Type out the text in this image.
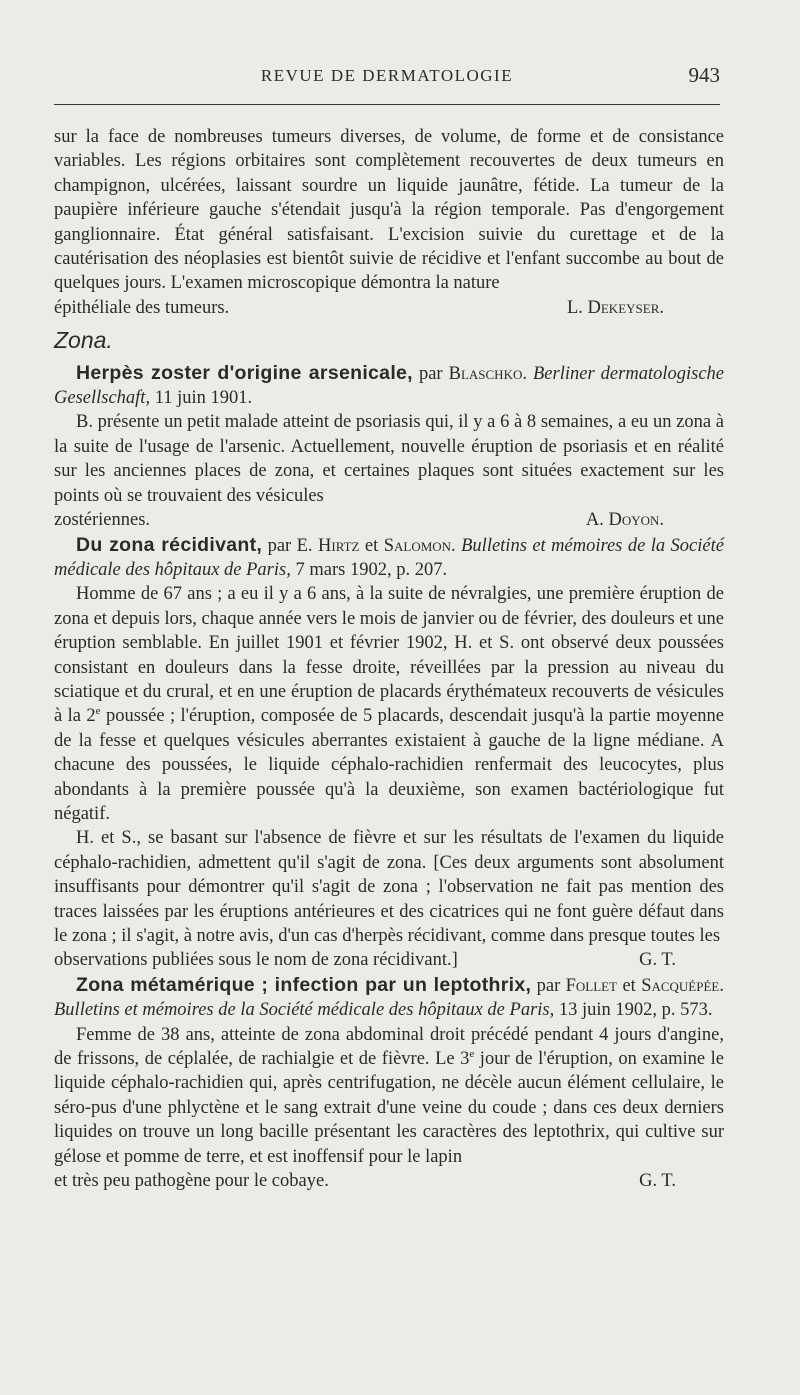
REVUE DE DERMATOLOGIE	943

sur la face de nombreuses tumeurs diverses, de volume, de forme et de consistance variables. Les régions orbitaires sont complètement recouvertes de deux tumeurs en champignon, ulcérées, laissant sourdre un liquide jaunâtre, fétide. La tumeur de la paupière inférieure gauche s'étendait jusqu'à la région temporale. Pas d'engorgement ganglionnaire. État général satisfaisant. L'excision suivie du curettage et de la cautérisation des néoplasies est bientôt suivie de récidive et l'enfant succombe au bout de quelques jours. L'examen microscopique démontra la nature

épithéliale des tumeurs.	L. Dekeyser.
Zona.

Herpès zoster d'origine arsenicale, par Blaschko. Berliner dermatologische Gesellschaft, 11 juin 1901.

B. présente un petit malade atteint de psoriasis qui, il y a 6 à 8 semaines, a eu un zona à la suite de l'usage de l'arsenic. Actuellement, nouvelle éruption de psoriasis et en réalité sur les anciennes places de zona, et certaines plaques sont situées exactement sur les points où se trouvaient des vésicules

zostériennes.	A. Doyon.

Du zona récidivant, par E. Hirtz et Salomon. Bulletins et mémoires de la Société médicale des hôpitaux de Paris, 7 mars 1902, p. 207.

Homme de 67 ans ; a eu il y a 6 ans, à la suite de névralgies, une première éruption de zona et depuis lors, chaque année vers le mois de janvier ou de février, des douleurs et une éruption semblable. En juillet 1901 et février 1902, H. et S. ont observé deux poussées consistant en douleurs dans la fesse droite, réveillées par la pression au niveau du sciatique et du crural, et en une éruption de placards érythémateux recouverts de vésicules à la 2e poussée ; l'éruption, composée de 5 placards, descendait jusqu'à la partie moyenne de la fesse et quelques vésicules aberrantes existaient à gauche de la ligne médiane. A chacune des poussées, le liquide céphalo-rachidien renfermait des leucocytes, plus abondants à la première poussée qu'à la deuxième, son examen bactériologique fut négatif.

H. et S., se basant sur l'absence de fièvre et sur les résultats de l'examen du liquide céphalo-rachidien, admettent qu'il s'agit de zona. [Ces deux arguments sont absolument insuffisants pour démontrer qu'il s'agit de zona ; l'observation ne fait pas mention des traces laissées par les éruptions antérieures et des cicatrices qui ne font guère défaut dans le zona ; il s'agit, à notre avis, d'un cas d'herpès récidivant, comme dans presque toutes les

observations publiées sous le nom de zona récidivant.]	G. T.

Zona métamérique ; infection par un leptothrix, par Follet et Sacquépée. Bulletins et mémoires de la Société médicale des hôpitaux de Paris, 13 juin 1902, p. 573.

Femme de 38 ans, atteinte de zona abdominal droit précédé pendant 4 jours d'angine, de frissons, de céplalée, de rachialgie et de fièvre. Le 3e jour de l'éruption, on examine le liquide céphalo-rachidien qui, après centrifugation, ne décèle aucun élément cellulaire, le séro-pus d'une phlyctène et le sang extrait d'une veine du coude ; dans ces deux derniers liquides on trouve un long bacille présentant les caractères des leptothrix, qui cultive sur gélose et pomme de terre, et est inoffensif pour le lapin

et très peu pathogène pour le cobaye.	G. T.
